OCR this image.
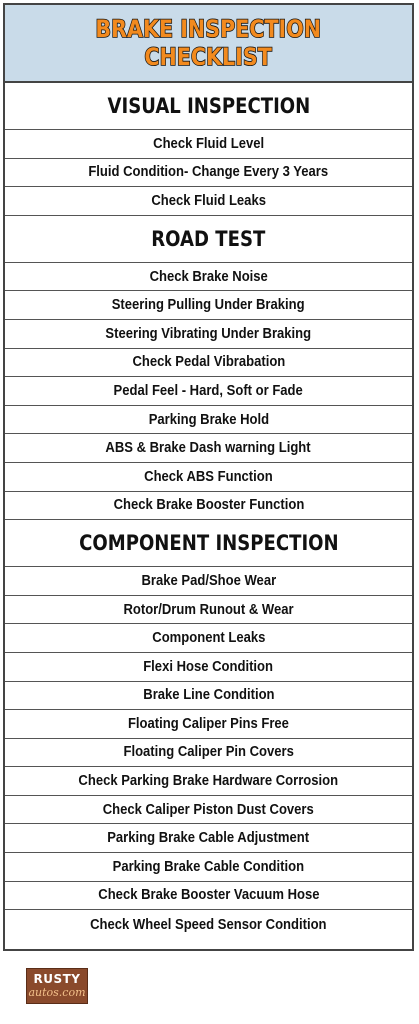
BRAKE INSPECTION
CHECKLIST
VISUAL INSPECTION
Check Fluid Level
Fluid Condition- Change Every 3 Years
Check Fluid Leaks
ROAD TEST
Check Brake Noise
Steering Pulling Under Braking
Steering Vibrating Under Braking
Check Pedal Vibrabation
Pedal Feel - Hard, Soft or Fade
Parking Brake Hold
ABS & Brake Dash warning Light
Check ABS Function
Check Brake Booster Function
COMPONENT INSPECTION
Brake Pad/Shoe Wear
Rotor/Drum Runout & Wear
Component Leaks
Flexi Hose Condition
Brake Line Condition
Floating Caliper Pins Free
Floating Caliper Pin Covers
Check Parking Brake Hardware Corrosion
Check Caliper Piston Dust Covers
Parking Brake Cable Adjustment
Parking Brake Cable Condition
Check Brake Booster Vacuum Hose
Check Wheel Speed Sensor Condition
RUSTY
autos.com
